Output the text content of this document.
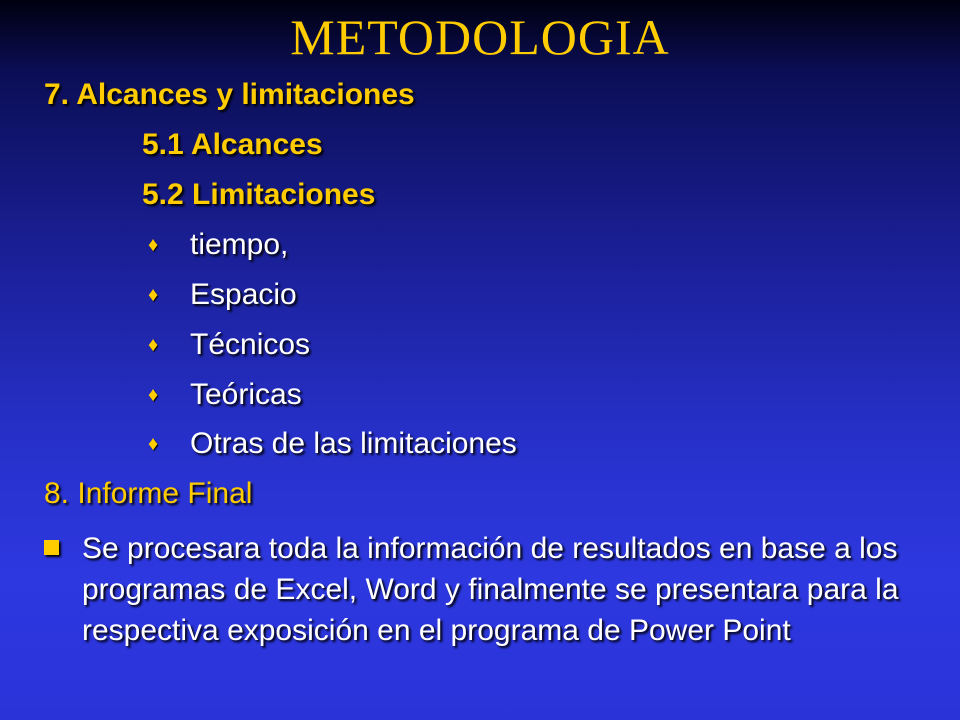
METODOLOGIA
7. Alcances y limitaciones
5.1 Alcances
5.2 Limitaciones
♦ tiempo,
♦ Espacio
♦ Técnicos
♦ Teóricas
♦ Otras de las limitaciones
8. Informe Final
Se procesara toda la información de resultados en base a los programas de Excel, Word y finalmente se presentara para la respectiva exposición en el programa de Power Point
